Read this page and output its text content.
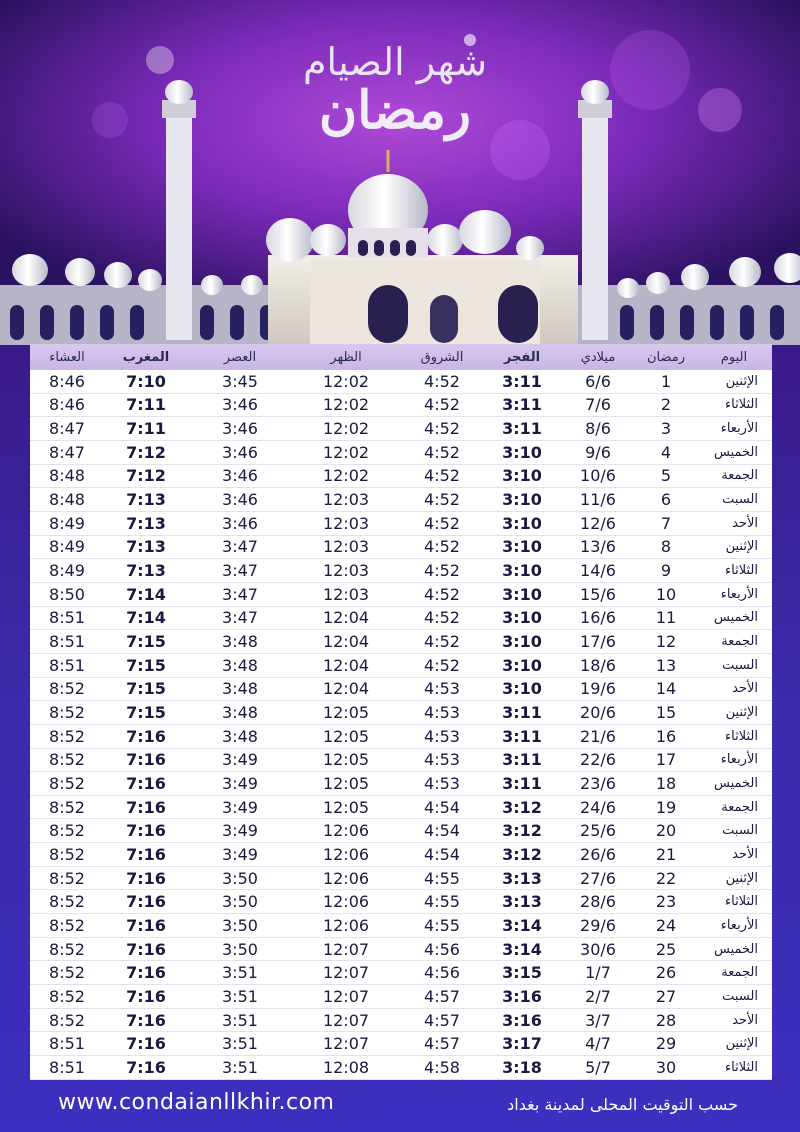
شهر الصيام
رمضان
اليوم	رمضان	ميلادي	الفجر	الشروق	الظهر	العصر	المغرب	العشاء
الإثنين	1	6/6	3:11	4:52	12:02	3:45	7:10	8:46
الثلاثاء	2	7/6	3:11	4:52	12:02	3:46	7:11	8:46
الأربعاء	3	8/6	3:11	4:52	12:02	3:46	7:11	8:47
الخميس	4	9/6	3:10	4:52	12:02	3:46	7:12	8:47
الجمعة	5	10/6	3:10	4:52	12:02	3:46	7:12	8:48
السبت	6	11/6	3:10	4:52	12:03	3:46	7:13	8:48
الأحد	7	12/6	3:10	4:52	12:03	3:46	7:13	8:49
الإثنين	8	13/6	3:10	4:52	12:03	3:47	7:13	8:49
الثلاثاء	9	14/6	3:10	4:52	12:03	3:47	7:13	8:49
الأربعاء	10	15/6	3:10	4:52	12:03	3:47	7:14	8:50
الخميس	11	16/6	3:10	4:52	12:04	3:47	7:14	8:51
الجمعة	12	17/6	3:10	4:52	12:04	3:48	7:15	8:51
السبت	13	18/6	3:10	4:52	12:04	3:48	7:15	8:51
الأحد	14	19/6	3:10	4:53	12:04	3:48	7:15	8:52
الإثنين	15	20/6	3:11	4:53	12:05	3:48	7:15	8:52
الثلاثاء	16	21/6	3:11	4:53	12:05	3:48	7:16	8:52
الأربعاء	17	22/6	3:11	4:53	12:05	3:49	7:16	8:52
الخميس	18	23/6	3:11	4:53	12:05	3:49	7:16	8:52
الجمعة	19	24/6	3:12	4:54	12:05	3:49	7:16	8:52
السبت	20	25/6	3:12	4:54	12:06	3:49	7:16	8:52
الأحد	21	26/6	3:12	4:54	12:06	3:49	7:16	8:52
الإثنين	22	27/6	3:13	4:55	12:06	3:50	7:16	8:52
الثلاثاء	23	28/6	3:13	4:55	12:06	3:50	7:16	8:52
الأربعاء	24	29/6	3:14	4:55	12:06	3:50	7:16	8:52
الخميس	25	30/6	3:14	4:56	12:07	3:50	7:16	8:52
الجمعة	26	1/7	3:15	4:56	12:07	3:51	7:16	8:52
السبت	27	2/7	3:16	4:57	12:07	3:51	7:16	8:52
الأحد	28	3/7	3:16	4:57	12:07	3:51	7:16	8:52
الإثنين	29	4/7	3:17	4:57	12:07	3:51	7:16	8:51
الثلاثاء	30	5/7	3:18	4:58	12:08	3:51	7:16	8:51
www.condaianllkhir.com	حسب التوقيت المحلى لمدينة بغداد
